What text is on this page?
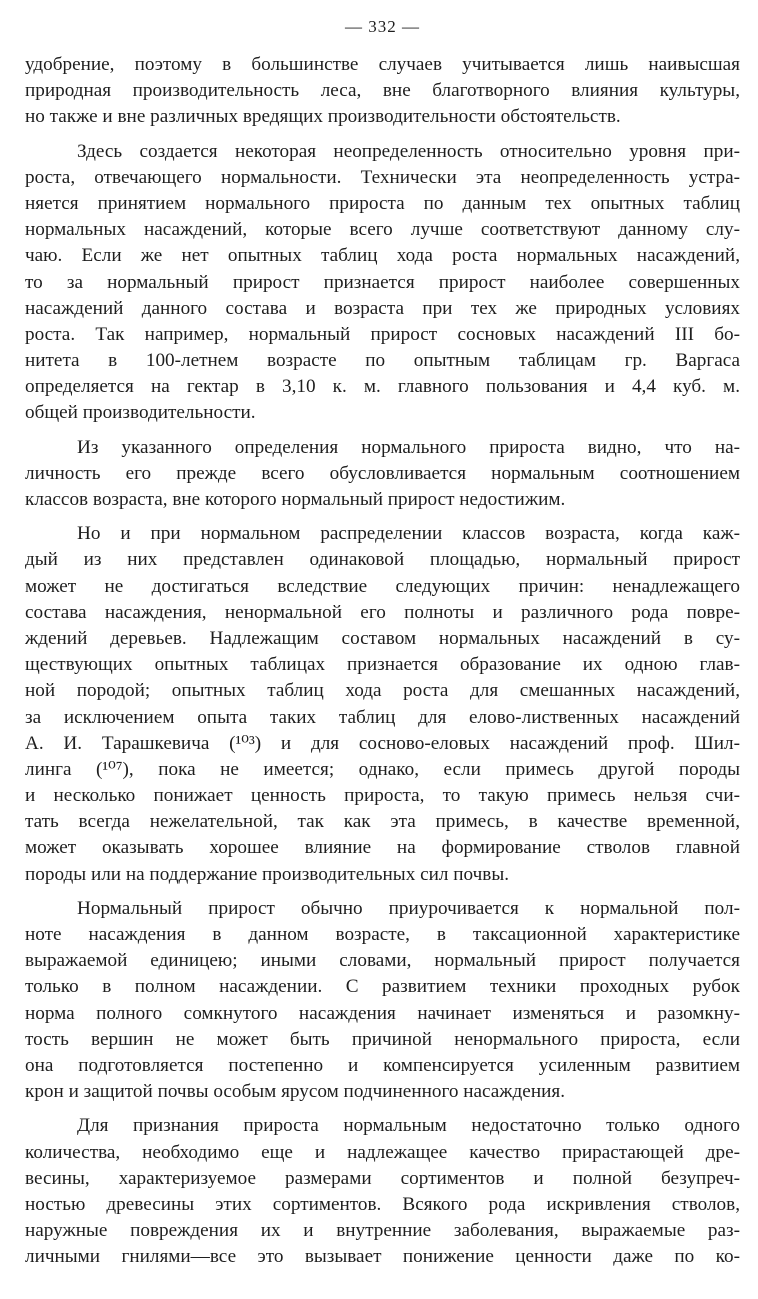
— 332 —
удобрение, поэтому в большинстве случаев учитывается лишь наивысшая
природная производительность леса, вне благотворного влияния культуры,
но также и вне различных вредящих производительности обстоятельств.
Здесь создается некоторая неопределенность относительно уровня при-
роста, отвечающего нормальности. Технически эта неопределенность устра-
няется принятием нормального прироста по данным тех опытных таблиц
нормальных насаждений, которые всего лучше соответствуют данному слу-
чаю. Если же нет опытных таблиц хода роста нормальных насаждений,
то за нормальный прирост признается прирост наиболее совершенных
насаждений данного состава и возраста при тех же природных условиях
роста. Так например, нормальный прирост сосновых насаждений III бо-
нитета в 100-летнем возрасте по опытным таблицам гр. Варгаса
определяется на гектар в 3,10 к. м. главного пользования и 4,4 куб. м.
общей производительности.
Из указанного определения нормального прироста видно, что на-
личность его прежде всего обусловливается нормальным соотношением
классов возраста, вне которого нормальный прирост недостижим.
Но и при нормальном распределении классов возраста, когда каж-
дый из них представлен одинаковой площадью, нормальный прирост
может не достигаться вследствие следующих причин: ненадлежащего
состава насаждения, ненормальной его полноты и различного рода повре-
ждений деревьев. Надлежащим составом нормальных насаждений в су-
ществующих опытных таблицах признается образование их одною глав-
ной породой; опытных таблиц хода роста для смешанных насаждений,
за исключением опыта таких таблиц для елово-лиственных насаждений
А. И. Тарашкевича (¹⁰³) и для сосново-еловых насаждений проф. Шил-
линга (¹⁰⁷), пока не имеется; однако, если примесь другой породы
и несколько понижает ценность прироста, то такую примесь нельзя счи-
тать всегда нежелательной, так как эта примесь, в качестве временной,
может оказывать хорошее влияние на формирование стволов главной
породы или на поддержание производительных сил почвы.
Нормальный прирост обычно приурочивается к нормальной пол-
ноте насаждения в данном возрасте, в таксационной характеристике
выражаемой единицею; иными словами, нормальный прирост получается
только в полном насаждении. С развитием техники проходных рубок
норма полного сомкнутого насаждения начинает изменяться и разомкну-
тость вершин не может быть причиной ненормального прироста, если
она подготовляется постепенно и компенсируется усиленным развитием
крон и защитой почвы особым ярусом подчиненного насаждения.
Для признания прироста нормальным недостаточно только одного
количества, необходимо еще и надлежащее качество прирастающей дре-
весины, характеризуемое размерами сортиментов и полной безупреч-
ностью древесины этих сортиментов. Всякого рода искривления стволов,
наружные повреждения их и внутренние заболевания, выражаемые раз-
личными гнилями—все это вызывает понижение ценности даже по ко-
